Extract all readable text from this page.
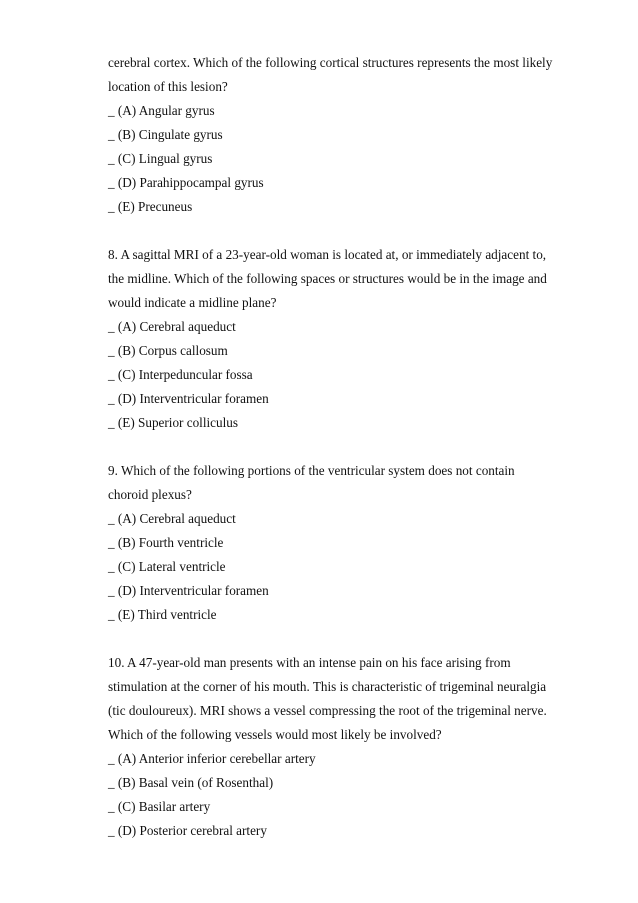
cerebral cortex. Which of the following cortical structures represents the most likely

location of this lesion?

_ (A) Angular gyrus

_ (B) Cingulate gyrus

_ (C) Lingual gyrus

_ (D) Parahippocampal gyrus

_ (E) Precuneus

8. A sagittal MRI of a 23-year-old woman is located at, or immediately adjacent to,

the midline. Which of the following spaces or structures would be in the image and

would indicate a midline plane?

_ (A) Cerebral aqueduct

_ (B) Corpus callosum

_ (C) Interpeduncular fossa

_ (D) Interventricular foramen

_ (E) Superior colliculus

9. Which of the following portions of the ventricular system does not contain

choroid plexus?

_ (A) Cerebral aqueduct

_ (B) Fourth ventricle

_ (C) Lateral ventricle

_ (D) Interventricular foramen

_ (E) Third ventricle

10. A 47-year-old man presents with an intense pain on his face arising from

stimulation at the corner of his mouth. This is characteristic of trigeminal neuralgia

(tic douloureux). MRI shows a vessel compressing the root of the trigeminal nerve.

Which of the following vessels would most likely be involved?

_ (A) Anterior inferior cerebellar artery

_ (B) Basal vein (of Rosenthal)

_ (C) Basilar artery

_ (D) Posterior cerebral artery
